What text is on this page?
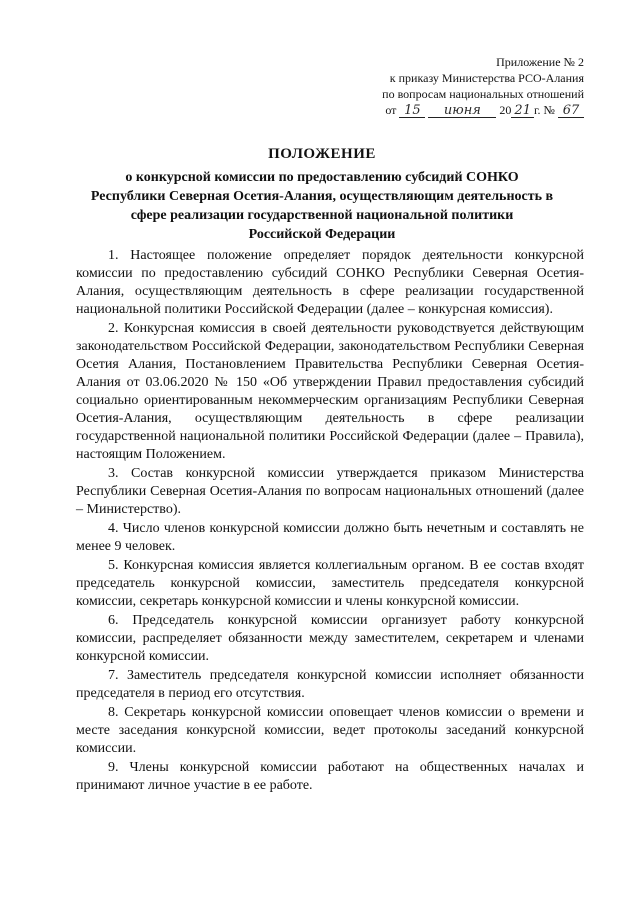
Приложение № 2
к приказу Министерства РСО-Алания
по вопросам национальных отношений
от 15 июня 20 21 г. № 67
ПОЛОЖЕНИЕ
о конкурсной комиссии по предоставлению субсидий СОНКО
Республики Северная Осетия-Алания, осуществляющим деятельность в
сфере реализации государственной национальной политики
Российской Федерации

1. Настоящее положение определяет порядок деятельности конкурсной комиссии по предоставлению субсидий СОНКО Республики Северная Осетия-Алания, осуществляющим деятельность в сфере реализации государственной национальной политики Российской Федерации (далее – конкурсная комиссия).

2. Конкурсная комиссия в своей деятельности руководствуется действующим законодательством Российской Федерации, законодательством Республики Северная Осетия Алания, Постановлением Правительства Республики Северная Осетия-Алания от 03.06.2020 № 150 «Об утверждении Правил предоставления субсидий социально ориентированным некоммерческим организациям Республики Северная Осетия-Алания, осуществляющим деятельность в сфере реализации государственной национальной политики Российской Федерации (далее – Правила), настоящим Положением.

3. Состав конкурсной комиссии утверждается приказом Министерства Республики Северная Осетия-Алания по вопросам национальных отношений (далее – Министерство).

4. Число членов конкурсной комиссии должно быть нечетным и составлять не менее 9 человек.

5. Конкурсная комиссия является коллегиальным органом. В ее состав входят председатель конкурсной комиссии, заместитель председателя конкурсной комиссии, секретарь конкурсной комиссии и члены конкурсной комиссии.

6. Председатель конкурсной комиссии организует работу конкурсной комиссии, распределяет обязанности между заместителем, секретарем и членами конкурсной комиссии.

7. Заместитель председателя конкурсной комиссии исполняет обязанности председателя в период его отсутствия.

8. Секретарь конкурсной комиссии оповещает членов комиссии о времени и месте заседания конкурсной комиссии, ведет протоколы заседаний конкурсной комиссии.

9. Члены конкурсной комиссии работают на общественных началах и принимают личное участие в ее работе.
